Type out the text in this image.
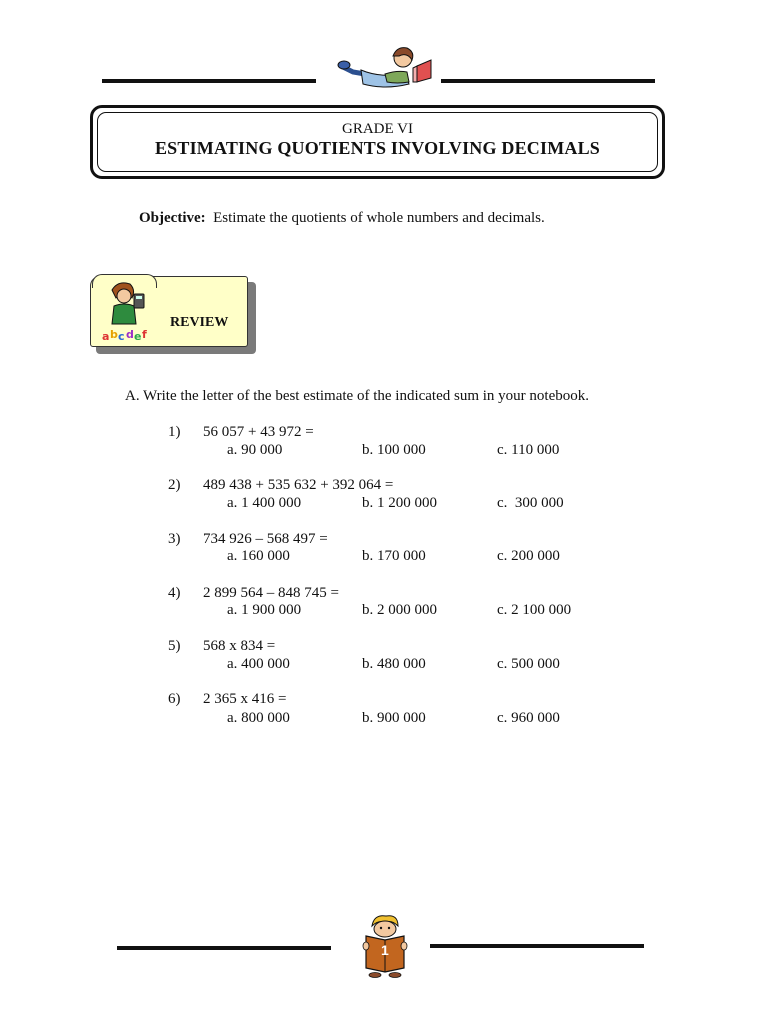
GRADE VI
ESTIMATING QUOTIENTS INVOLVING DECIMALS
Objective: Estimate the quotients of whole numbers and decimals.
a b c d e f
REVIEW
A. Write the letter of the best estimate of the indicated sum in your notebook.
1) 56 057 + 43 972 =
a. 90 000	b. 100 000	c. 110 000
2) 489 438 + 535 632 + 392 064 =
a. 1 400 000	b. 1 200 000	c.  300 000
3) 734 926 – 568 497 =
a. 160 000	b. 170 000	c. 200 000
4) 2 899 564 – 848 745 =
a. 1 900 000	b. 2 000 000	c. 2 100 000
5) 568 x 834 =
a. 400 000	b. 480 000	c. 500 000
6) 2 365 x 416 =
a. 800 000	b. 900 000	c. 960 000
1
